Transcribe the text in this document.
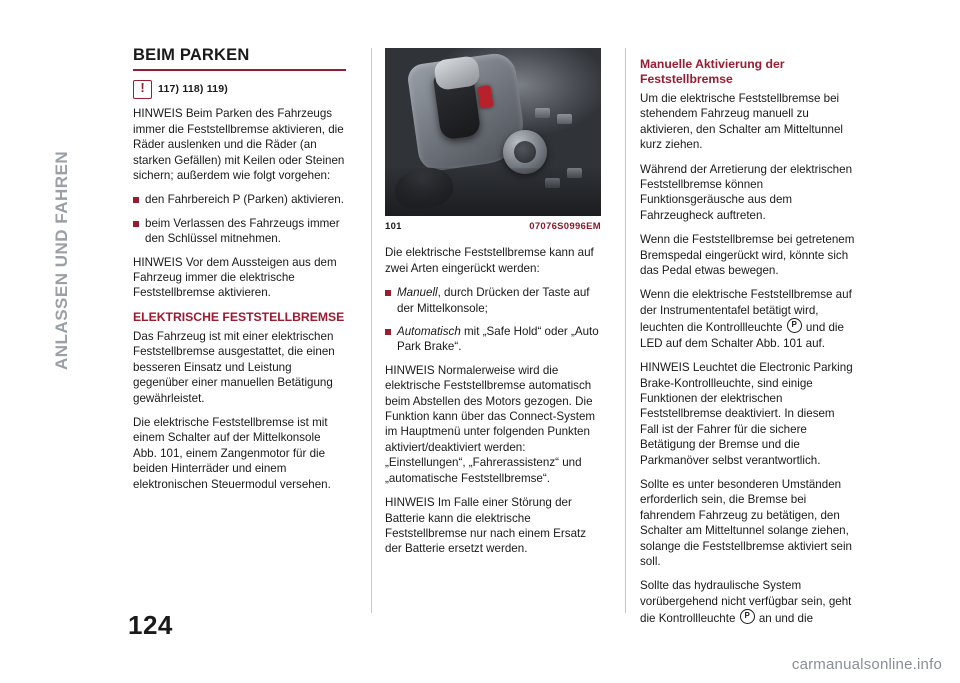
ANLASSEN UND FAHREN
BEIM PARKEN
!
117) 118) 119)

HINWEIS Beim Parken des Fahrzeugs immer die Feststellbremse aktivieren, die Räder auslenken und die Räder (an starken Gefällen) mit Keilen oder Steinen sichern; außerdem wie folgt vorgehen:

den Fahrbereich P (Parken) aktivieren.
beim Verlassen des Fahrzeugs immer den Schlüssel mitnehmen.

HINWEIS Vor dem Aussteigen aus dem Fahrzeug immer die elektrische Feststellbremse aktivieren.

ELEKTRISCHE FESTSTELLBREMSE

Das Fahrzeug ist mit einer elektrischen Feststellbremse ausgestattet, die einen besseren Einsatz und Leistung gegenüber einer manuellen Betätigung gewährleistet.

Die elektrische Feststellbremse ist mit einem Schalter auf der Mittelkonsole Abb. 101, einem Zangenmotor für die beiden Hinterräder und einem elektronischen Steuermodul versehen.

101	07076S0996EM

Die elektrische Feststellbremse kann auf zwei Arten eingerückt werden:

Manuell, durch Drücken der Taste auf der Mittelkonsole;
Automatisch mit „Safe Hold“ oder „Auto Park Brake“.

HINWEIS Normalerweise wird die elektrische Feststellbremse automatisch beim Abstellen des Motors gezogen. Die Funktion kann über das Connect-System im Hauptmenü unter folgenden Punkten aktiviert/deaktiviert werden: „Einstellungen“, „Fahrerassistenz“ und „automatische Feststellbremse“.

HINWEIS Im Falle einer Störung der Batterie kann die elektrische Feststellbremse nur nach einem Ersatz der Batterie ersetzt werden.

Manuelle Aktivierung der Feststellbremse

Um die elektrische Feststellbremse bei stehendem Fahrzeug manuell zu aktivieren, den Schalter am Mitteltunnel kurz ziehen.

Während der Arretierung der elektrischen Feststellbremse können Funktionsgeräusche aus dem Fahrzeugheck auftreten.

Wenn die Feststellbremse bei getretenem Bremspedal eingerückt wird, könnte sich das Pedal etwas bewegen.

Wenn die elektrische Feststellbremse auf der Instrumententafel betätigt wird, leuchten die Kontrollleuchte P und die LED auf dem Schalter Abb. 101 auf.

HINWEIS Leuchtet die Electronic Parking Brake-Kontrollleuchte, sind einige Funktionen der elektrischen Feststellbremse deaktiviert. In diesem Fall ist der Fahrer für die sichere Betätigung der Bremse und die Parkmanöver selbst verantwortlich.

Sollte es unter besonderen Umständen erforderlich sein, die Bremse bei fahrendem Fahrzeug zu betätigen, den Schalter am Mitteltunnel solange ziehen, solange die Feststellbremse aktiviert sein soll.

Sollte das hydraulische System vorübergehend nicht verfügbar sein, geht die Kontrollleuchte P an und die

124
carmanualsonline.info
